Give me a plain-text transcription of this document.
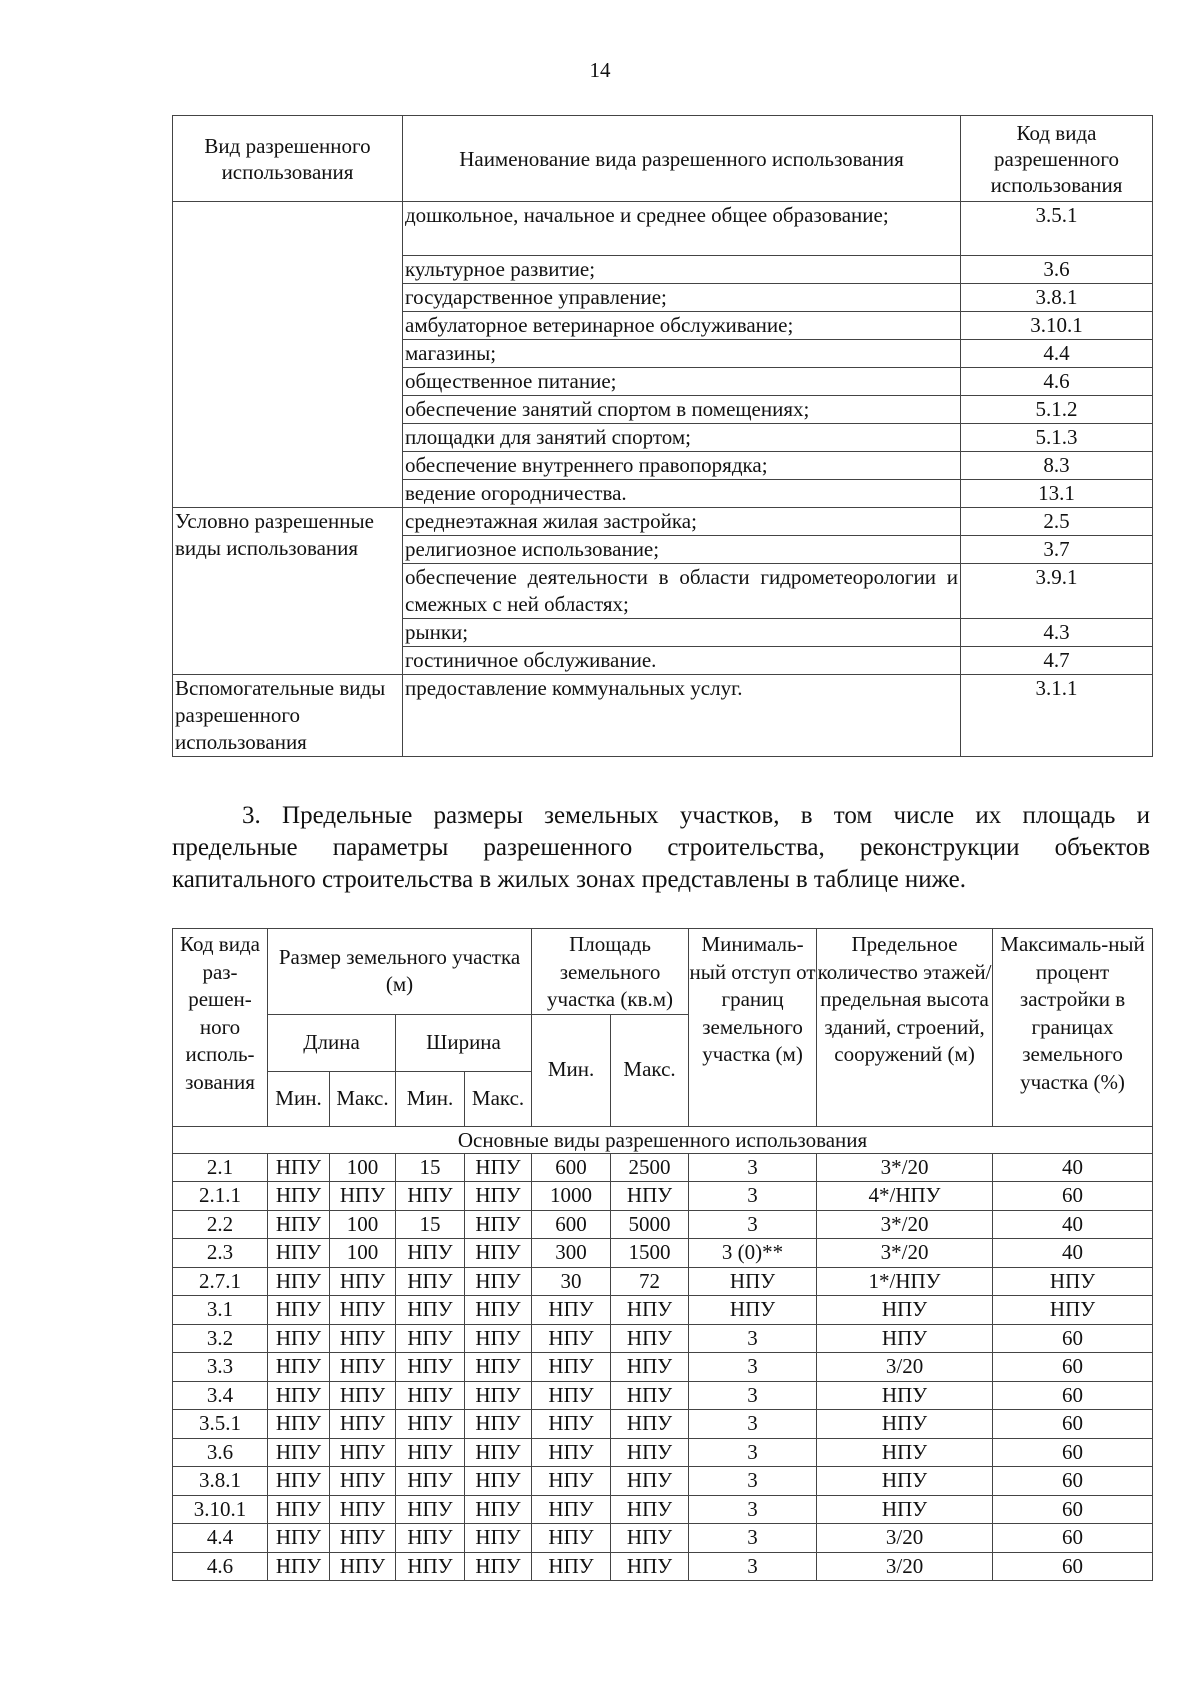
14
Вид разрешенного использования	Наименование вида разрешенного использования	Код вида разрешенного использования
	дошкольное, начальное и среднее общее образование;	3.5.1
	культурное развитие;	3.6
	государственное управление;	3.8.1
	амбулаторное ветеринарное обслуживание;	3.10.1
	магазины;	4.4
	общественное питание;	4.6
	обеспечение занятий спортом в помещениях;	5.1.2
	площадки для занятий спортом;	5.1.3
	обеспечение внутреннего правопорядка;	8.3
	ведение огородничества.	13.1
Условно разрешенные виды использования	среднеэтажная жилая застройка;	2.5
	религиозное использование;	3.7
	обеспечение деятельности в области гидрометеорологии и смежных с ней областях;	3.9.1
	рынки;	4.3
	гостиничное обслуживание.	4.7
Вспомогательные виды разрешенного использования	предоставление коммунальных услуг.	3.1.1
3. Предельные размеры земельных участков, в том числе их площадь и
предельные параметры разрешенного строительства, реконструкции объектов
капитального строительства в жилых зонах представлены в таблице ниже.
Код вида раз-решен-ного исполь-зования	Размер земельного участка (м)				Площадь земельного участка (кв.м)		Минималь-ный отступ от границ земельного участка (м)	Предельное количество этажей/ предельная высота зданий, строений, сооружений (м)	Максималь-ный процент застройки в границах земельного участка (%)
	Длина		Ширина		Мин.	Макс.			
	Мин.	Макс.	Мин.	Макс.					
Основные виды разрешенного использования									
2.1	НПУ	100	15	НПУ	600	2500	3	3*/20	40
2.1.1	НПУ	НПУ	НПУ	НПУ	1000	НПУ	3	4*/НПУ	60
2.2	НПУ	100	15	НПУ	600	5000	3	3*/20	40
2.3	НПУ	100	НПУ	НПУ	300	1500	3 (0)**	3*/20	40
2.7.1	НПУ	НПУ	НПУ	НПУ	30	72	НПУ	1*/НПУ	НПУ
3.1	НПУ	НПУ	НПУ	НПУ	НПУ	НПУ	НПУ	НПУ	НПУ
3.2	НПУ	НПУ	НПУ	НПУ	НПУ	НПУ	3	НПУ	60
3.3	НПУ	НПУ	НПУ	НПУ	НПУ	НПУ	3	3/20	60
3.4	НПУ	НПУ	НПУ	НПУ	НПУ	НПУ	3	НПУ	60
3.5.1	НПУ	НПУ	НПУ	НПУ	НПУ	НПУ	3	НПУ	60
3.6	НПУ	НПУ	НПУ	НПУ	НПУ	НПУ	3	НПУ	60
3.8.1	НПУ	НПУ	НПУ	НПУ	НПУ	НПУ	3	НПУ	60
3.10.1	НПУ	НПУ	НПУ	НПУ	НПУ	НПУ	3	НПУ	60
4.4	НПУ	НПУ	НПУ	НПУ	НПУ	НПУ	3	3/20	60
4.6	НПУ	НПУ	НПУ	НПУ	НПУ	НПУ	3	3/20	60
